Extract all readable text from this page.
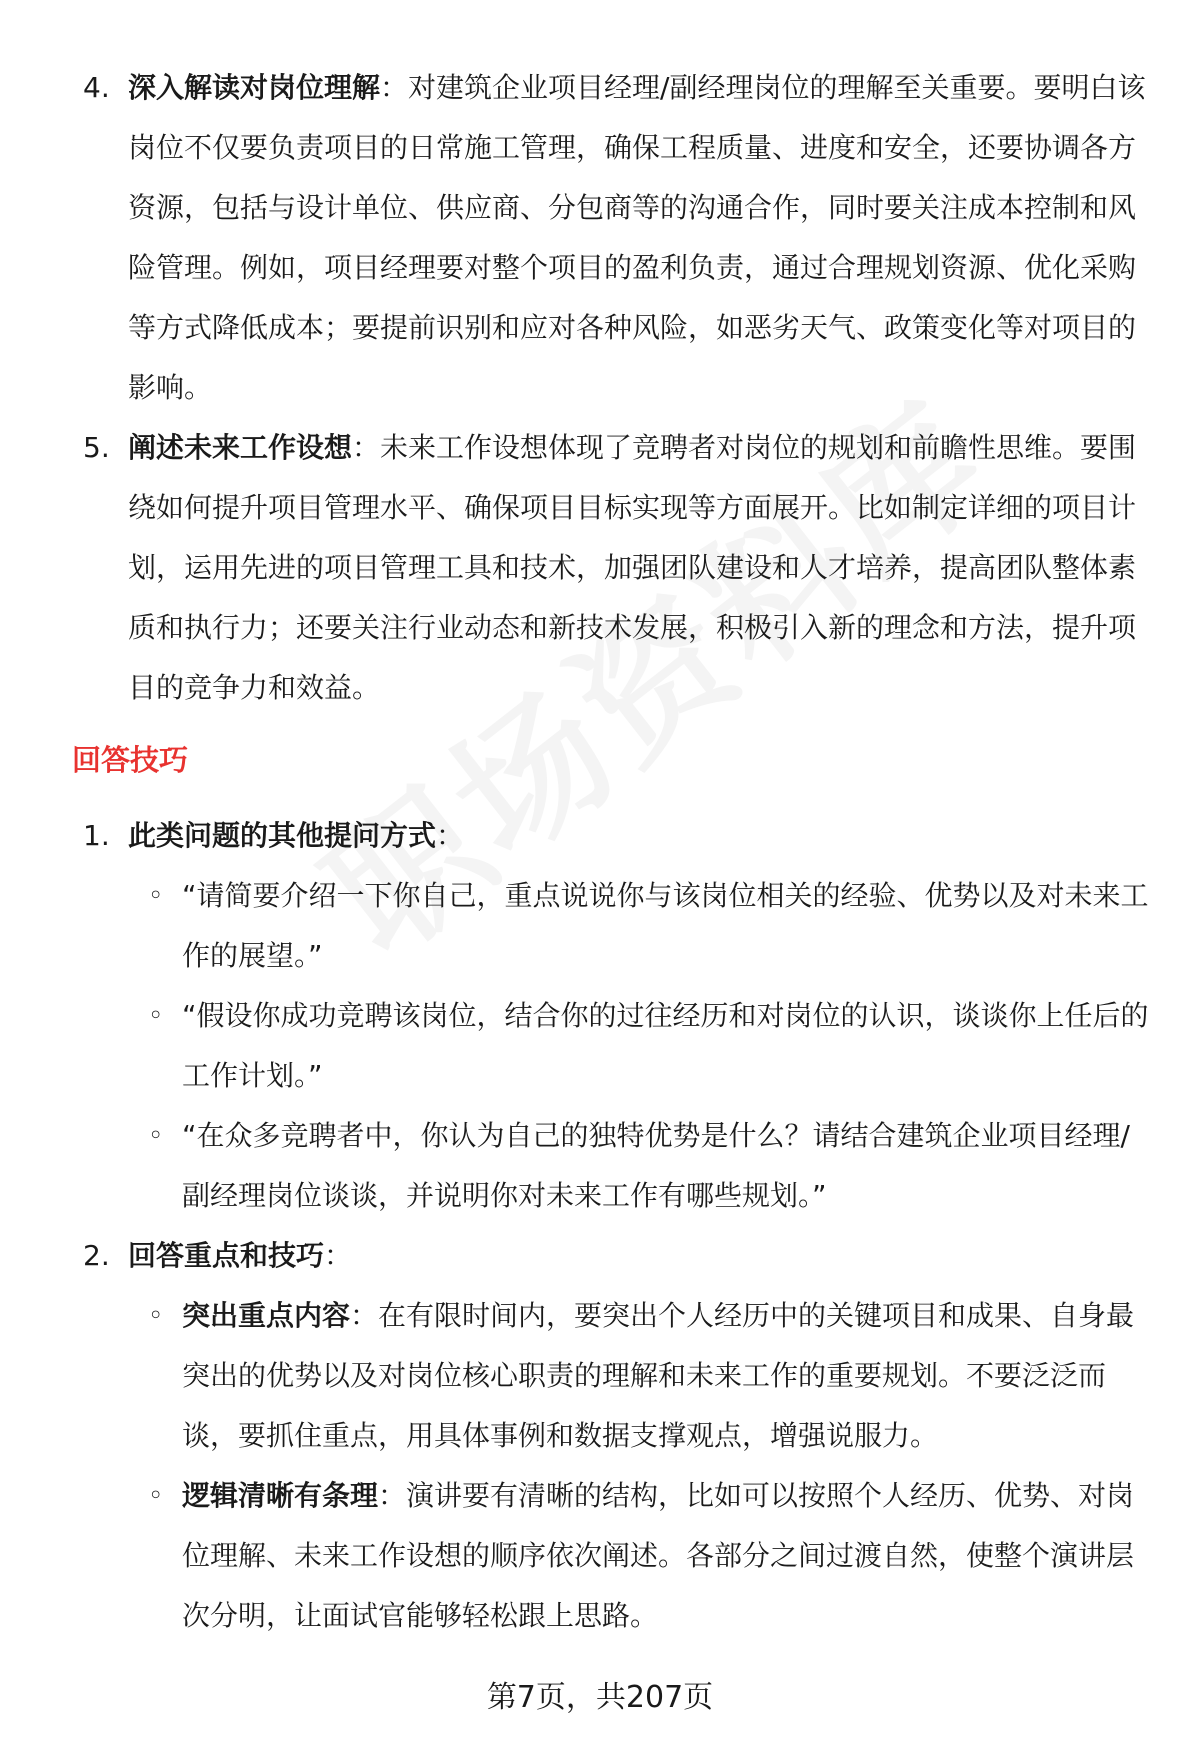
4. 深入解读对岗位理解：对建筑企业项目经理/副经理岗位的理解至关重要。要明白该岗位不仅要负责项目的日常施工管理，确保工程质量、进度和安全，还要协调各方资源，包括与设计单位、供应商、分包商等的沟通合作，同时要关注成本控制和风险管理。例如，项目经理要对整个项目的盈利负责，通过合理规划资源、优化采购等方式降低成本；要提前识别和应对各种风险，如恶劣天气、政策变化等对项目的影响。
5. 阐述未来工作设想：未来工作设想体现了竞聘者对岗位的规划和前瞻性思维。要围绕如何提升项目管理水平、确保项目目标实现等方面展开。比如制定详细的项目计划，运用先进的项目管理工具和技术，加强团队建设和人才培养，提高团队整体素质和执行力；还要关注行业动态和新技术发展，积极引入新的理念和方法，提升项目的竞争力和效益。
回答技巧
1. 此类问题的其他提问方式：
◦ “请简要介绍一下你自己，重点说说你与该岗位相关的经验、优势以及对未来工作的展望。”
◦ “假设你成功竞聘该岗位，结合你的过往经历和对岗位的认识，谈谈你上任后的工作计划。”
◦ “在众多竞聘者中，你认为自己的独特优势是什么？请结合建筑企业项目经理/副经理岗位谈谈，并说明你对未来工作有哪些规划。”
2. 回答重点和技巧：
◦ 突出重点内容：在有限时间内，要突出个人经历中的关键项目和成果、自身最突出的优势以及对岗位核心职责的理解和未来工作的重要规划。不要泛泛而谈，要抓住重点，用具体事例和数据支撑观点，增强说服力。
◦ 逻辑清晰有条理：演讲要有清晰的结构，比如可以按照个人经历、优势、对岗位理解、未来工作设想的顺序依次阐述。各部分之间过渡自然，使整个演讲层次分明，让面试官能够轻松跟上思路。
第7页，共207页
